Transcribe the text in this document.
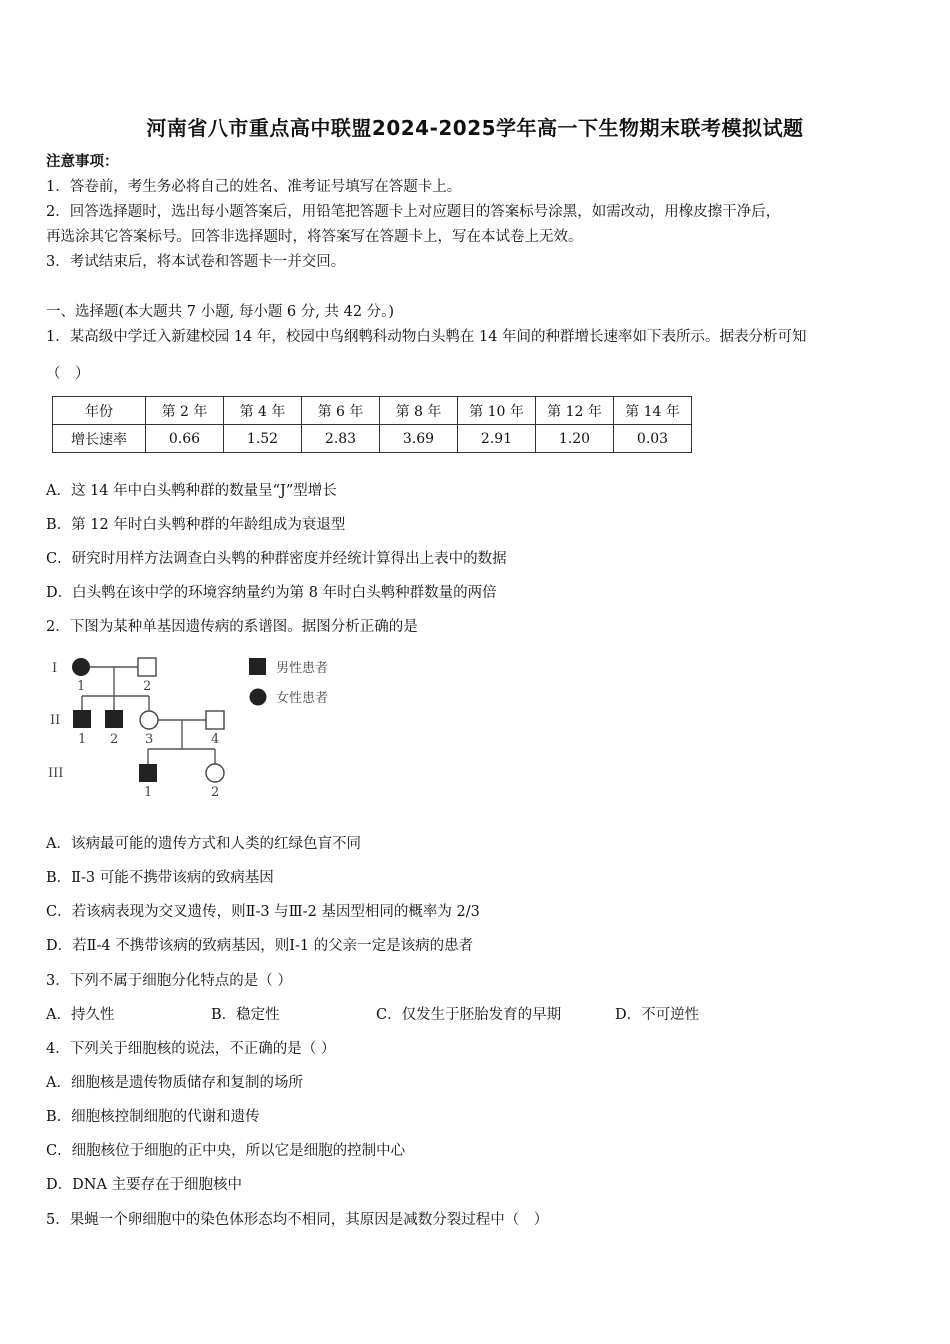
河南省八市重点高中联盟2024-2025学年高一下生物期末联考模拟试题
注意事项：
1．答卷前，考生务必将自己的姓名、准考证号填写在答题卡上。
2．回答选择题时，选出每小题答案后，用铅笔把答题卡上对应题目的答案标号涂黑，如需改动，用橡皮擦干净后，
再选涂其它答案标号。回答非选择题时，将答案写在答题卡上，写在本试卷上无效。
3．考试结束后，将本试卷和答题卡一并交回。
一、选择题(本大题共 7 小题, 每小题 6 分, 共 42 分。)
1．某高级中学迁入新建校园 14 年，校园中鸟纲鹎科动物白头鹎在 14 年间的种群增长速率如下表所示。据表分析可知
（　）
年份	第 2 年	第 4 年	第 6 年	第 8 年	第 10 年	第 12 年	第 14 年
增长速率	0.66	1.52	2.83	3.69	2.91	1.20	0.03
A．这 14 年中白头鹎种群的数量呈“J”型增长
B．第 12 年时白头鹎种群的年龄组成为衰退型
C．研究时用样方法调查白头鹎的种群密度并经统计算得出上表中的数据
D．白头鹎在该中学的环境容纳量约为第 8 年时白头鹎种群数量的两倍
2．下图为某种单基因遗传病的系谱图。据图分析正确的是
I
II
III
1	2
1 2 3	4
1	2
男性患者
女性患者
A．该病最可能的遗传方式和人类的红绿色盲不同
B．Ⅱ-3 可能不携带该病的致病基因
C．若该病表现为交叉遗传，则Ⅱ-3 与Ⅲ-2 基因型相同的概率为 2/3
D．若Ⅱ-4 不携带该病的致病基因，则Ⅰ-1 的父亲一定是该病的患者
3．下列不属于细胞分化特点的是（ ）
A．持久性	B．稳定性	C．仅发生于胚胎发育的早期	D．不可逆性
4．下列关于细胞核的说法，不正确的是（ ）
A．细胞核是遗传物质储存和复制的场所
B．细胞核控制细胞的代谢和遗传
C．细胞核位于细胞的正中央，所以它是细胞的控制中心
D．DNA 主要存在于细胞核中
5．果蝇一个卵细胞中的染色体形态均不相同，其原因是减数分裂过程中（　）
